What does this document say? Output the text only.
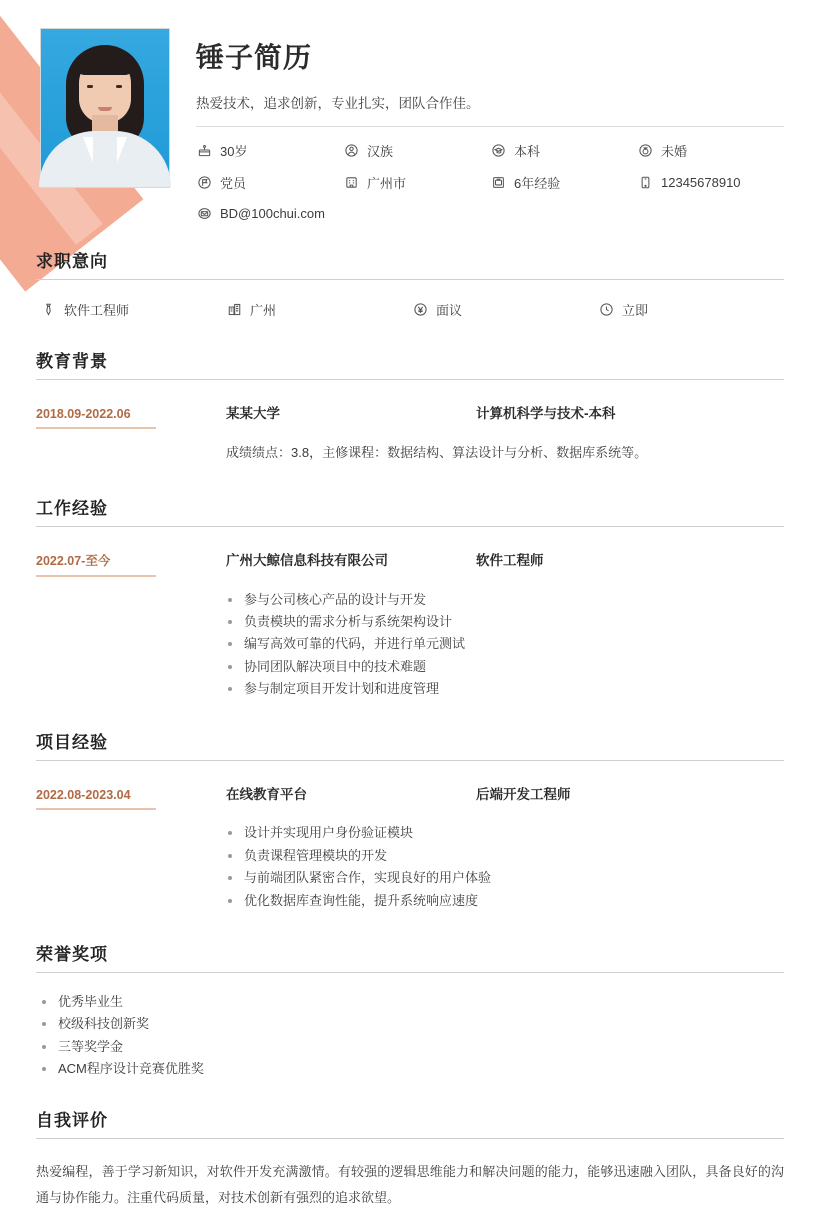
锤子简历
热爱技术，追求创新，专业扎实，团队合作佳。
30岁	汉族	本科	未婚
党员	广州市	6年经验	12345678910
BD@100chui.com
求职意向
软件工程师	广州	面议	立即
教育背景
2018.09-2022.06	某某大学	计算机科学与技术-本科
成绩绩点：3.8，主修课程：数据结构、算法设计与分析、数据库系统等。
工作经验
2022.07-至今	广州大鲸信息科技有限公司	软件工程师
参与公司核心产品的设计与开发
负责模块的需求分析与系统架构设计
编写高效可靠的代码，并进行单元测试
协同团队解决项目中的技术难题
参与制定项目开发计划和进度管理
项目经验
2022.08-2023.04	在线教育平台	后端开发工程师
设计并实现用户身份验证模块
负责课程管理模块的开发
与前端团队紧密合作，实现良好的用户体验
优化数据库查询性能，提升系统响应速度
荣誉奖项
优秀毕业生
校级科技创新奖
三等奖学金
ACM程序设计竞赛优胜奖
自我评价
热爱编程，善于学习新知识，对软件开发充满激情。有较强的逻辑思维能力和解决问题的能力，能够迅速融入团队，具备良好的沟通与协作能力。注重代码质量，对技术创新有强烈的追求欲望。
